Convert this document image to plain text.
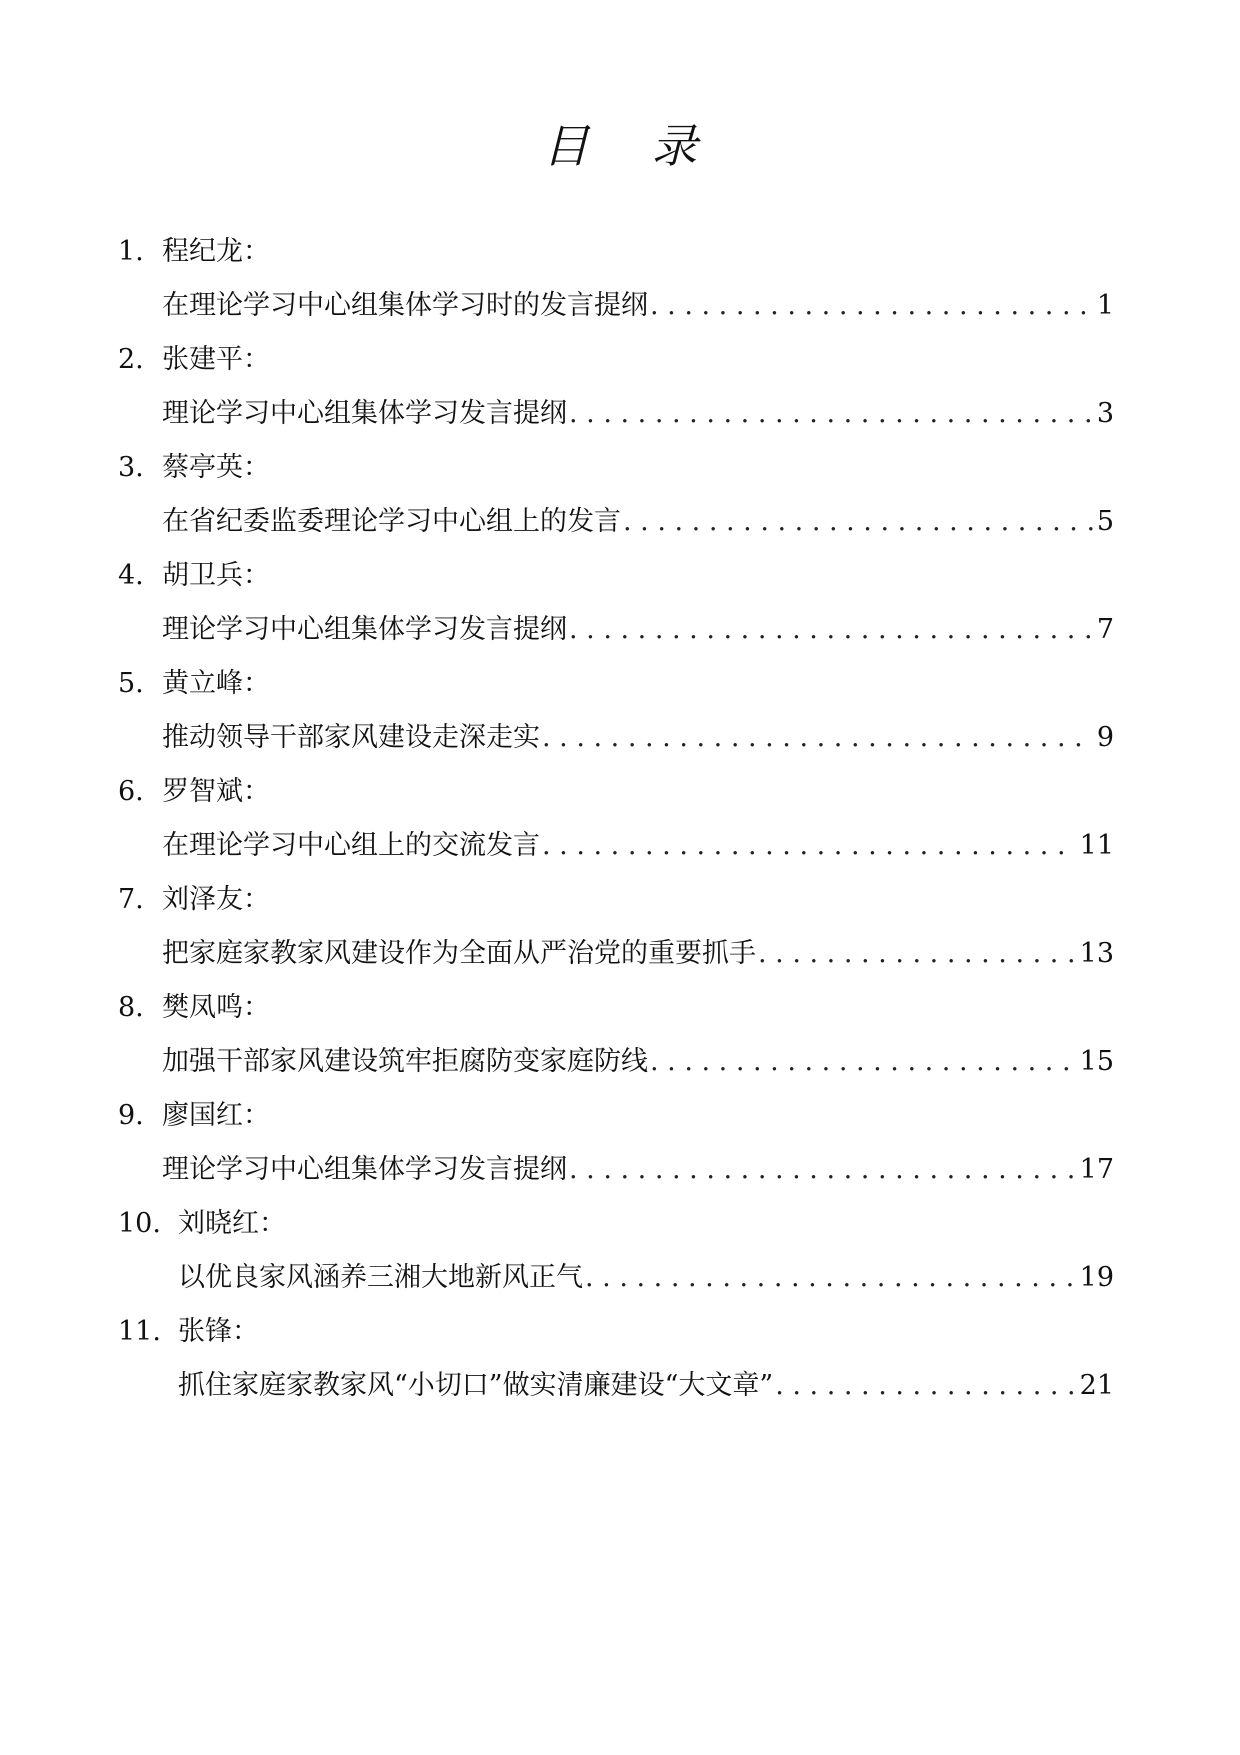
目 录
1. 程纪龙：
在理论学习中心组集体学习时的发言提纲 . . .	1
2. 张建平：
理论学习中心组集体学习发言提纲 . . .	3
3. 蔡亭英：
在省纪委监委理论学习中心组上的发言 . . .	5
4. 胡卫兵：
理论学习中心组集体学习发言提纲 . . .	7
5. 黄立峰：
推动领导干部家风建设走深走实 . . .	9
6. 罗智斌：
在理论学习中心组上的交流发言 . . .	11
7. 刘泽友：
把家庭家教家风建设作为全面从严治党的重要抓手 . . .	13
8. 樊凤鸣：
加强干部家风建设筑牢拒腐防变家庭防线 . . .	15
9. 廖国红：
理论学习中心组集体学习发言提纲 . . .	17
10. 刘晓红：
以优良家风涵养三湘大地新风正气 . . .	19
11. 张锋：
抓住家庭家教家风“小切口”做实清廉建设“大文章” . . .	21
